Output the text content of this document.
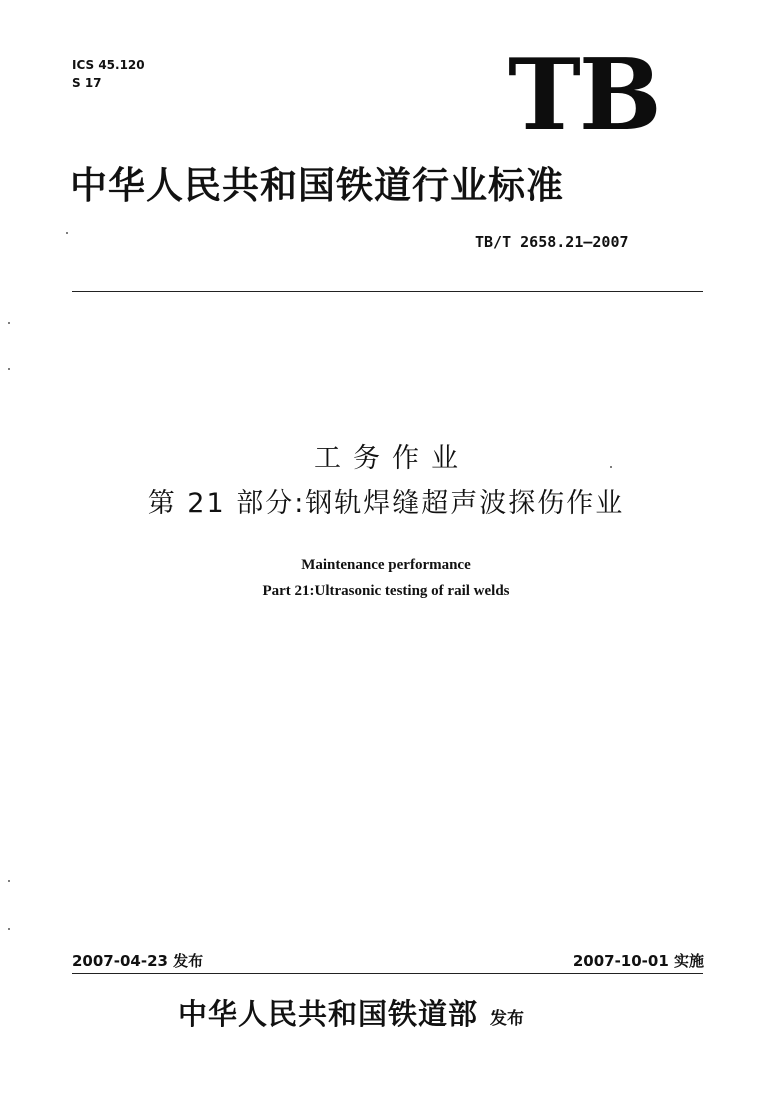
ICS 45.120
S 17	TB
中华人民共和国铁道行业标准
TB/T 2658.21—2007
工务作业
第 21 部分:钢轨焊缝超声波探伤作业
Maintenance performance
Part 21:Ultrasonic testing of rail welds
2007-04-23 发布	2007-10-01 实施
中华人民共和国铁道部 发布
